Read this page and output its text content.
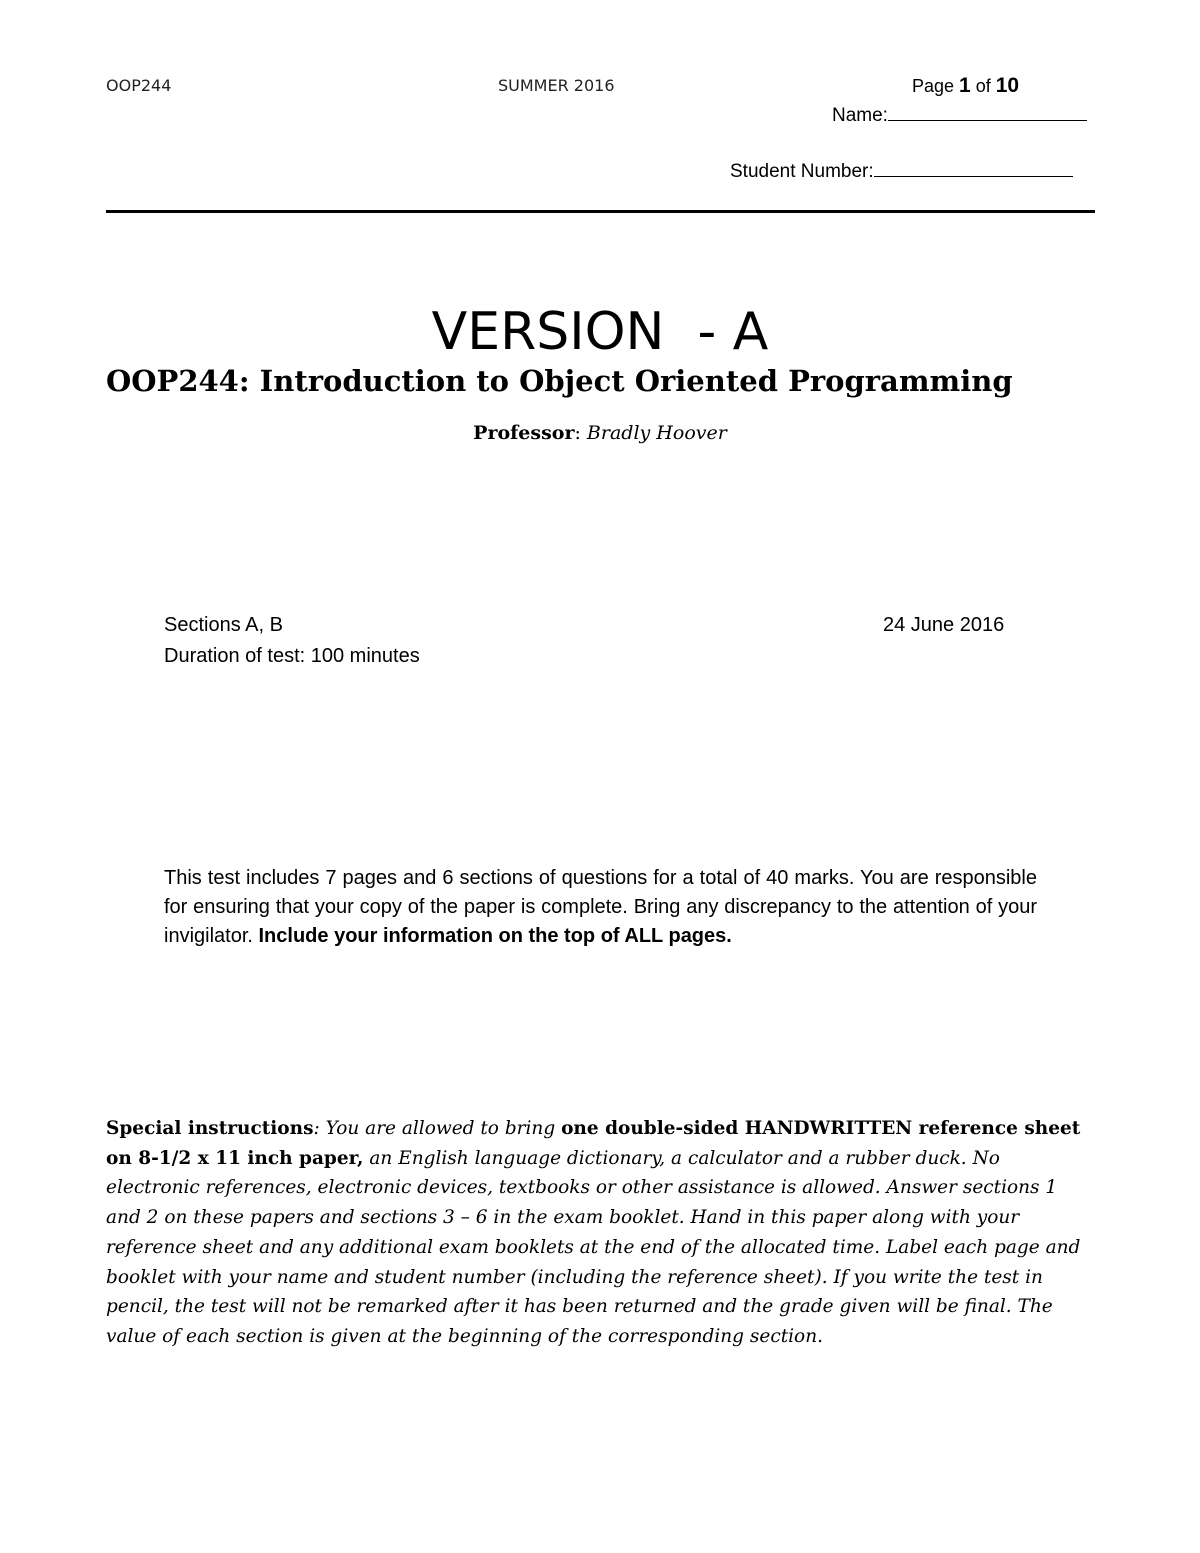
OOP244	SUMMER 2016	Page 1 of 10
Name:
Student Number:
VERSION  - A
OOP244: Introduction to Object Oriented Programming
Professor: Bradly Hoover
Sections A, B	24 June 2016
Duration of test: 100 minutes
This test includes 7 pages and 6 sections of questions for a total of 40 marks. You are responsible for ensuring that your copy of the paper is complete. Bring any discrepancy to the attention of your invigilator. Include your information on the top of ALL pages.
Special instructions: You are allowed to bring one double-sided HANDWRITTEN reference sheet on 8-1/2 x 11 inch paper, an English language dictionary, a calculator and a rubber duck. No electronic references, electronic devices, textbooks or other assistance is allowed. Answer sections 1 and 2 on these papers and sections 3 – 6 in the exam booklet. Hand in this paper along with your reference sheet and any additional exam booklets at the end of the allocated time. Label each page and booklet with your name and student number (including the reference sheet). If you write the test in pencil, the test will not be remarked after it has been returned and the grade given will be final. The value of each section is given at the beginning of the corresponding section.
